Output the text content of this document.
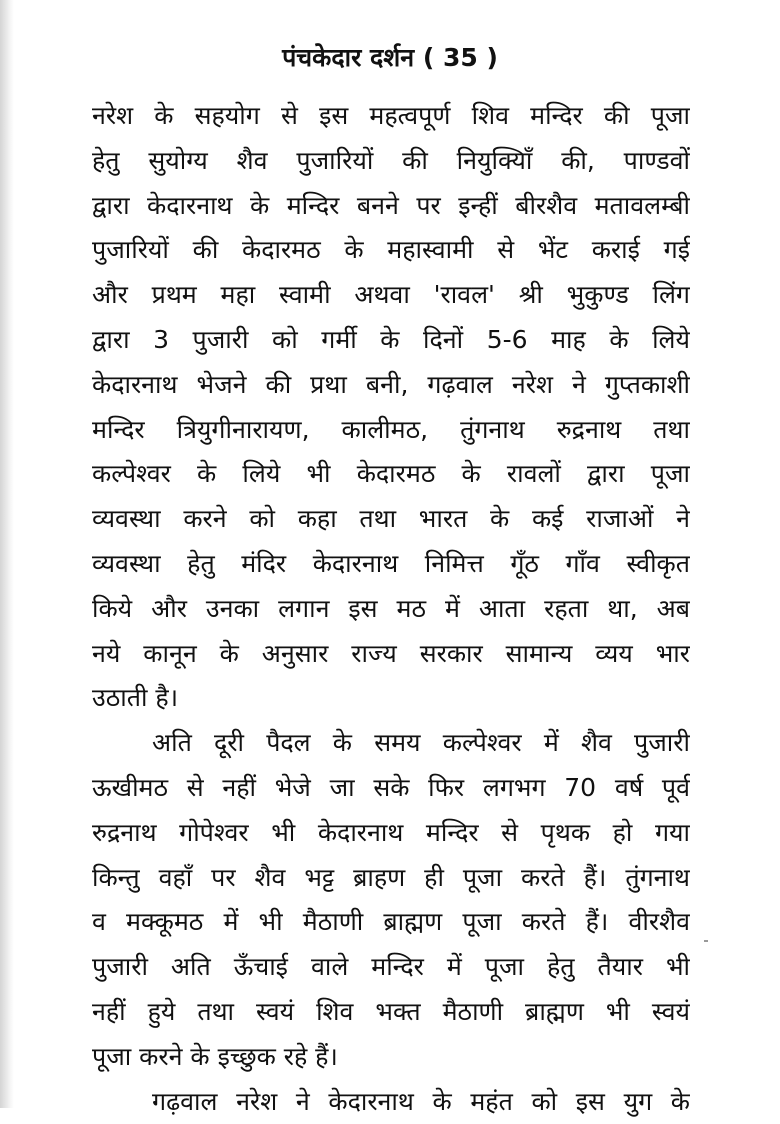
पंचकेदार दर्शन ( 35 )
नरेश के सहयोग से इस महत्वपूर्ण शिव मन्दिर की पूजा
हेतु सुयोग्य शैव पुजारियों की नियुक्यिाँ की, पाण्डवों
द्वारा केदारनाथ के मन्दिर बनने पर इन्हीं बीरशैव मतावलम्बी
पुजारियों की केदारमठ के महास्वामी से भेंट कराई गई
और प्रथम महा स्वामी अथवा 'रावल' श्री भुकुण्ड लिंग
द्वारा 3 पुजारी को गर्मी के दिनों 5-6 माह के लिये
केदारनाथ भेजने की प्रथा बनी, गढ़वाल नरेश ने गुप्तकाशी
मन्दिर त्रियुगीनारायण, कालीमठ, तुंगनाथ रुद्रनाथ तथा
कल्पेश्वर के लिये भी केदारमठ के रावलों द्वारा पूजा
व्यवस्था करने को कहा तथा भारत के कई राजाओं ने
व्यवस्था हेतु मंदिर केदारनाथ निमित्त गूँठ गाँव स्वीकृत
किये और उनका लगान इस मठ में आता रहता था, अब
नये कानून के अनुसार राज्य सरकार सामान्य व्यय भार
उठाती है।
अति दूरी पैदल के समय कल्पेश्वर में शैव पुजारी
ऊखीमठ से नहीं भेजे जा सके फिर लगभग 70 वर्ष पूर्व
रुद्रनाथ गोपेश्वर भी केदारनाथ मन्दिर से पृथक हो गया
किन्तु वहाँ पर शैव भट्ट ब्राहण ही पूजा करते हैं। तुंगनाथ
व मक्कूमठ में भी मैठाणी ब्राह्मण पूजा करते हैं। वीरशैव
पुजारी अति ऊँचाई वाले मन्दिर में पूजा हेतु तैयार भी
नहीं हुये तथा स्वयं शिव भक्त मैठाणी ब्राह्मण भी स्वयं
पूजा करने के इच्छुक रहे हैं।
गढ़वाल नरेश ने केदारनाथ के महंत को इस युग के
